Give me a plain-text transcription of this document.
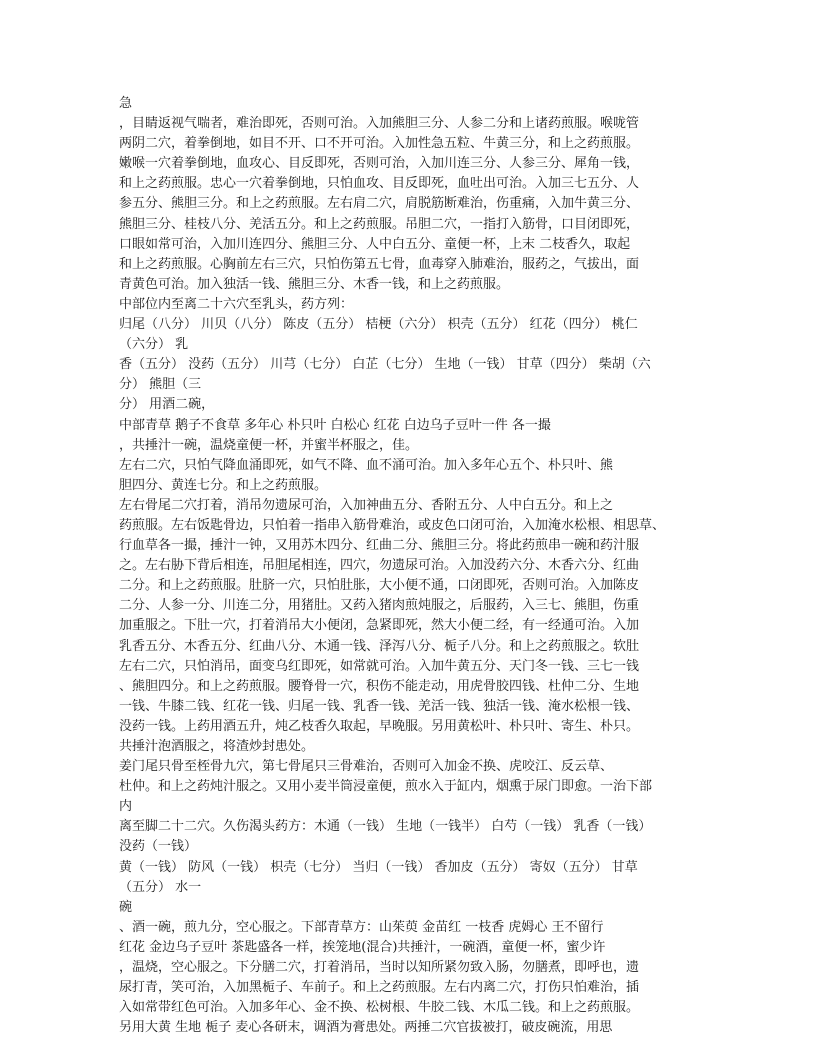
急
，目睛返视气喘者，难治即死，否则可治。入加熊胆三分、人参二分和上诸药煎服。喉咙管
两阴二穴，着拳倒地，如目不开、口不开可治。入加性急五粒、牛黄三分，和上之药煎服。
嫩喉一穴着拳倒地，血攻心、目反即死，否则可治，入加川连三分、人参三分、犀角一钱，
和上之药煎服。忠心一穴着拳倒地，只怕血攻、目反即死，血吐出可治。入加三七五分、人
参五分、熊胆三分。和上之药煎服。左右肩二穴，肩脱筋断难治，伤重痛，入加牛黄三分、
熊胆三分、桂枝八分、羌活五分。和上之药煎服。吊胆二穴，一指打入筋骨，口目闭即死，
口眼如常可治，入加川连四分、熊胆三分、人中白五分、童便一杯，上末 二枝香久，取起
和上之药煎服。心胸前左右三穴，只怕伤第五七骨，血毒穿入肺难治，服药之，气拔出，面
青黄色可治。加入独活一钱、熊胆三分、木香一钱，和上之药煎服。
中部位内至离二十六穴至乳头，药方列：
归尾（八分） 川贝（八分） 陈皮（五分） 桔梗（六分） 枳壳（五分） 红花（四分） 桃仁
（六分） 乳
香（五分） 没药（五分） 川芎（七分） 白芷（七分） 生地（一钱） 甘草（四分） 柴胡（六
分） 熊胆（三
分） 用酒二碗，
中部青草 鹅子不食草 多年心 朴只叶 白松心 红花 白边乌子豆叶一件 各一撮
，共捶汁一碗，温烧童便一杯，并蜜半杯服之，佳。
左右二穴，只怕气降血涌即死，如气不降、血不涌可治。加入多年心五个、朴只叶、熊
胆四分、黄连七分。和上之药煎服。
左右骨尾二穴打着，消吊勿遗尿可治，入加神曲五分、香附五分、人中白五分。和上之
药煎服。左右饭匙骨边，只怕着一指串入筋骨难治，或皮色口闭可治，入加淹水松根、相思草、
行血草各一撮，捶汁一钟，又用苏木四分、红曲二分、熊胆三分。将此药煎串一碗和药汁服
之。左右胁下背后相连，吊胆尾相连，四穴，勿遗尿可治。入加没药六分、木香六分、红曲
二分。和上之药煎服。肚脐一穴，只怕肚胀，大小便不通，口闭即死，否则可治。入加陈皮
二分、人参一分、川连二分，用猪肚。又药入猪肉煎炖服之，后服药，入三七、熊胆，伤重
加重服之。下肚一穴，打着消吊大小便闭，急紧即死，然大小便二经，有一经通可治。入加
乳香五分、木香五分、红曲八分、木通一钱、泽泻八分、栀子八分。和上之药煎服之。软肚
左右二穴，只怕消吊，面变乌红即死，如常就可治。入加牛黄五分、天门冬一钱、三七一钱
、熊胆四分。和上之药煎服。腰脊骨一穴，积伤不能走动，用虎骨胶四钱、杜仲二分、生地
一钱、牛膝二钱、红花一钱、归尾一钱、乳香一钱、羌活一钱、独活一钱、淹水松根一钱、
没药一钱。上药用酒五升，炖乙枝香久取起，早晚服。另用黄松叶、朴只叶、寄生、朴只。
共捶汁泡酒服之，将渣炒封患处。
姜门尾只骨至桎骨九穴，第七骨尾只三骨难治，否则可入加金不换、虎咬江、反云草、
杜仲。和上之药炖汁服之。又用小麦半筒浸童便，煎水入于缸内，烟熏于尿门即愈。一治下部
内
离至脚二十二穴。久伤渴头药方：木通（一钱） 生地（一钱半） 白芍（一钱） 乳香（一钱）
没药（一钱）
黄（一钱） 防风（一钱） 枳壳（七分） 当归（一钱） 香加皮（五分） 寄奴（五分） 甘草
（五分） 水一
碗
、酒一碗，煎九分，空心服之。下部青草方：山茱萸 金苗红 一枝香 虎姆心 王不留行
红花 金边乌子豆叶 茶匙盛各一样，挨笼地(混合)共捶汁，一碗酒，童便一杯，蜜少许
，温烧，空心服之。下分膳二穴，打着消吊，当时以知所紧勿致入肠，勿膳煮，即呼也，遗
尿打青，笑可治，入加黑栀子、车前子。和上之药煎服。左右内离二穴，打伤只怕难治，插
入如常带红色可治。入加多年心、金不换、松树根、牛胶二钱、木瓜二钱。和上之药煎服。
另用大黄 生地 栀子 麦心各研末，调酒为膏患处。两捶二穴官拔被打，破皮碗流，用思
